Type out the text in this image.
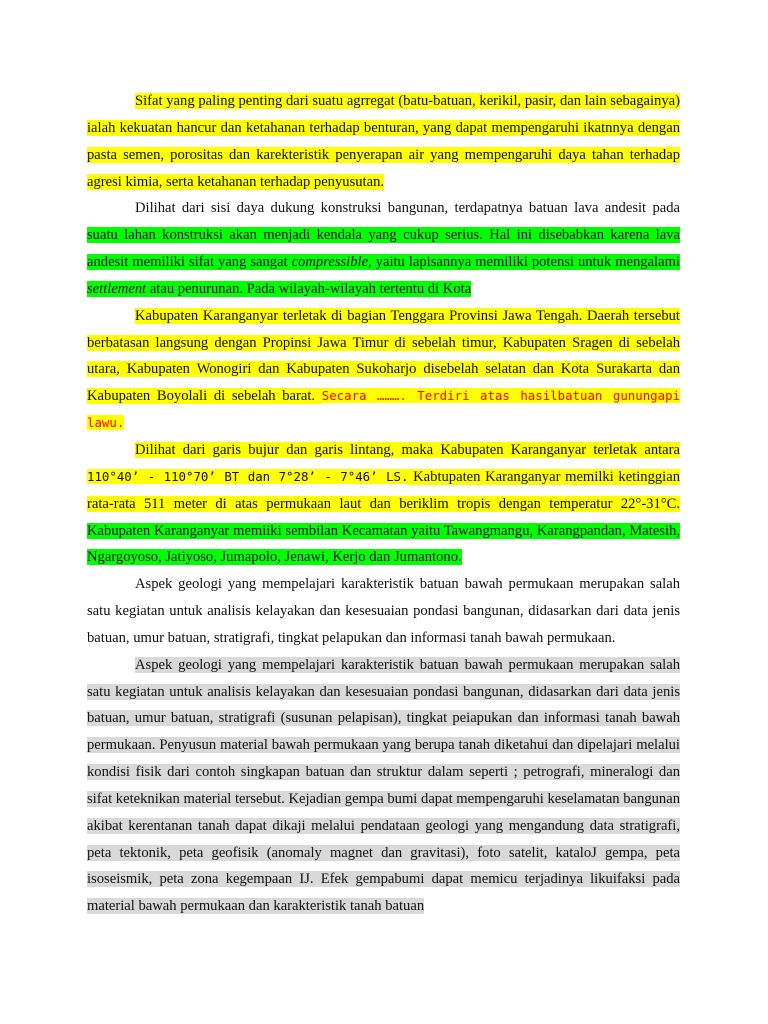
Sifat yang paling penting dari suatu agrregat (batu-batuan, kerikil, pasir, dan lain sebagainya) ialah kekuatan hancur dan ketahanan terhadap benturan, yang dapat mempengaruhi ikatnnya dengan pasta semen, porositas dan karekteristik penyerapan air yang mempengaruhi daya tahan terhadap agresi kimia, serta ketahanan terhadap penyusutan.

Dilihat dari sisi daya dukung konstruksi bangunan, terdapatnya batuan lava andesit pada suatu lahan konstruksi akan menjadi kendala yang cukup serius. Hal ini disebabkan karena lava andesit memiliki sifat yang sangat compressible, yaitu lapisannya memiliki potensi untuk mengalami settlement atau penurunan. Pada wilayah-wilayah tertentu di Kota

Kabupaten Karanganyar terletak di bagian Tenggara Provinsi Jawa Tengah. Daerah tersebut berbatasan langsung dengan Propinsi Jawa Timur di sebelah timur, Kabupaten Sragen di sebelah utara, Kabupaten Wonogiri dan Kabupaten Sukoharjo disebelah selatan dan Kota Surakarta dan Kabupaten Boyolali di sebelah barat. Secara ………. Terdiri atas hasilbatuan gunungapi lawu.

Dilihat dari garis bujur dan garis lintang, maka Kabupaten Karanganyar terletak antara 110°40’ - 110°70’ BT dan 7°28’ - 7°46’ LS. Kabtupaten Karanganyar memilki ketinggian rata-rata 511 meter di atas permukaan laut dan beriklim tropis dengan temperatur 22°-31°C. Kabupaten Karanganyar memiiki sembilan Kecamatan yaitu Tawangmangu, Karangpandan, Matesih, Ngargoyoso, Jatiyoso, Jumapolo, Jenawi, Kerjo dan Jumantono.

Aspek geologi yang mempelajari karakteristik batuan bawah permukaan merupakan salah satu kegiatan untuk analisis kelayakan dan kesesuaian pondasi bangunan, didasarkan dari data jenis batuan, umur batuan, stratigrafi, tingkat pelapukan dan informasi tanah bawah permukaan.

Aspek geologi yang mempelajari karakteristik batuan bawah permukaan merupakan salah satu kegiatan untuk analisis kelayakan dan kesesuaian pondasi bangunan, didasarkan dari data jenis batuan, umur batuan, stratigrafi (susunan pelapisan), tingkat peiapukan dan informasi tanah bawah permukaan. Penyusun material bawah permukaan yang berupa tanah diketahui dan dipelajari melalui kondisi fisik dari contoh singkapan batuan dan struktur dalam seperti ; petrografi, mineralogi dan sifat keteknikan material tersebut. Kejadian gempa bumi dapat mempengaruhi keselamatan bangunan akibat kerentanan tanah dapat dikaji melalui pendataan geologi yang mengandung data stratigrafi, peta tektonik, peta geofisik (anomaly magnet dan gravitasi), foto satelit, kataloJ gempa, peta isoseismik, peta zona kegempaan IJ. Efek gempabumi dapat memicu terjadinya likuifaksi pada material bawah permukaan dan karakteristik tanah batuan
